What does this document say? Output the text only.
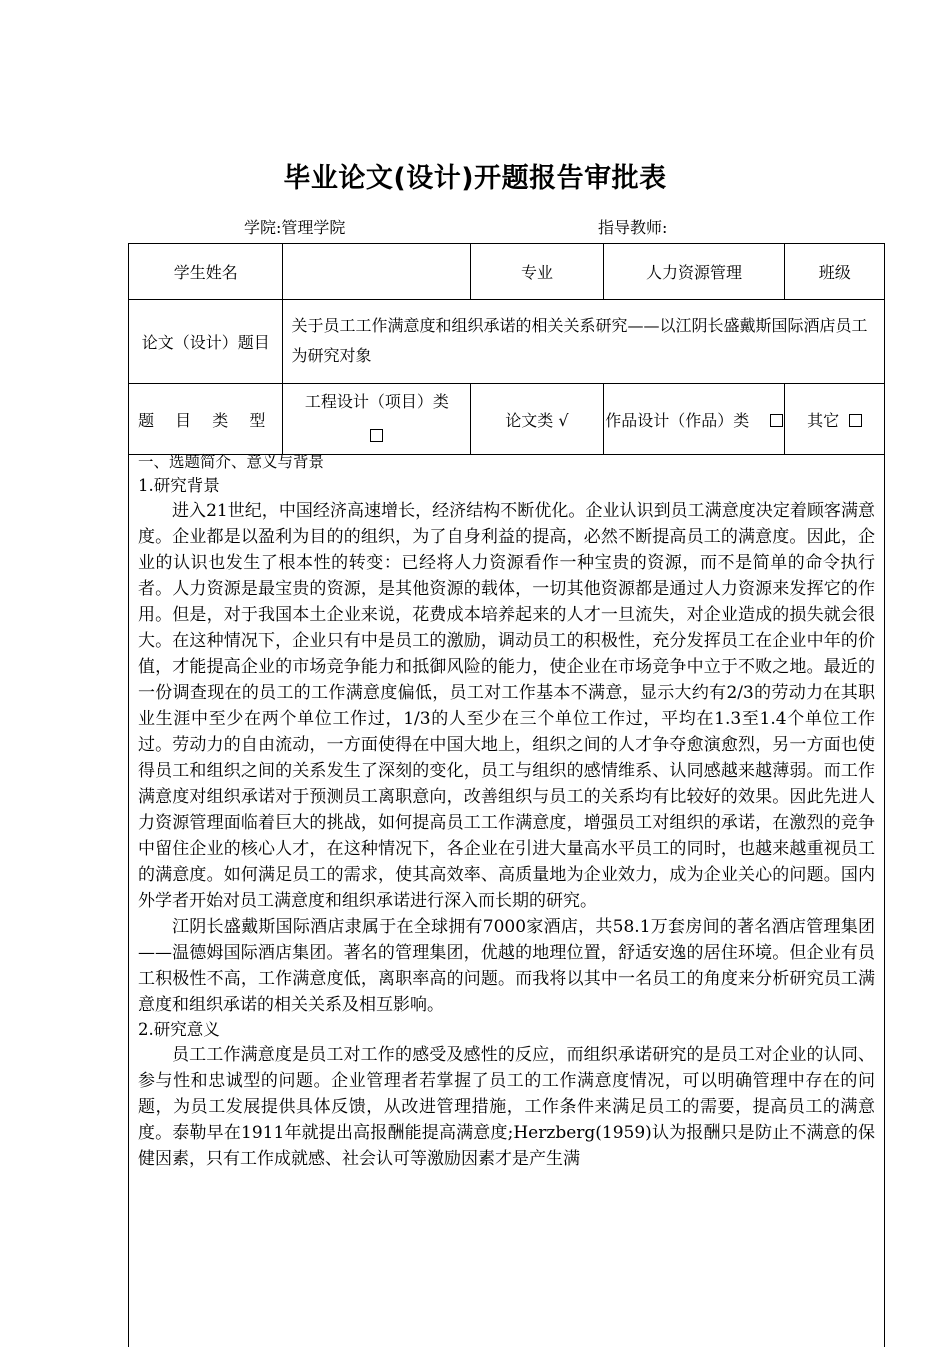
毕业论文(设计)开题报告审批表
学院:管理学院	指导教师:
学生姓名		专业	人力资源管理	班级
论文（设计）题目	关于员工工作满意度和组织承诺的相关关系研究——以江阴长盛戴斯国际酒店员工为研究对象			
题 目 类 型	工程设计（项目）类	论文类 √	作品设计（作品）类	其它
一、选题简介、意义与背景
1.研究背景

进入21世纪，中国经济高速增长，经济结构不断优化。企业认识到员工满意度决定着顾客满意度。企业都是以盈利为目的的组织，为了自身利益的提高，必然不断提高员工的满意度。因此，企业的认识也发生了根本性的转变：已经将人力资源看作一种宝贵的资源，而不是简单的命令执行者。人力资源是最宝贵的资源，是其他资源的载体，一切其他资源都是通过人力资源来发挥它的作用。但是，对于我国本土企业来说，花费成本培养起来的人才一旦流失，对企业造成的损失就会很大。在这种情况下，企业只有中是员工的激励，调动员工的积极性，充分发挥员工在企业中年的价值，才能提高企业的市场竞争能力和抵御风险的能力，使企业在市场竞争中立于不败之地。最近的一份调查现在的员工的工作满意度偏低，员工对工作基本不满意，显示大约有2/3的劳动力在其职业生涯中至少在两个单位工作过，1/3的人至少在三个单位工作过，平均在1.3至1.4个单位工作过。劳动力的自由流动，一方面使得在中国大地上，组织之间的人才争夺愈演愈烈，另一方面也使得员工和组织之间的关系发生了深刻的变化，员工与组织的感情维系、认同感越来越薄弱。而工作满意度对组织承诺对于预测员工离职意向，改善组织与员工的关系均有比较好的效果。因此先进人力资源管理面临着巨大的挑战，如何提高员工工作满意度，增强员工对组织的承诺，在激烈的竞争中留住企业的核心人才，在这种情况下，各企业在引进大量高水平员工的同时，也越来越重视员工的满意度。如何满足员工的需求，使其高效率、高质量地为企业效力，成为企业关心的问题。国内外学者开始对员工满意度和组织承诺进行深入而长期的研究。

江阴长盛戴斯国际酒店隶属于在全球拥有7000家酒店，共58.1万套房间的著名酒店管理集团——温德姆国际酒店集团。著名的管理集团，优越的地理位置，舒适安逸的居住环境。但企业有员工积极性不高，工作满意度低，离职率高的问题。而我将以其中一名员工的角度来分析研究员工满意度和组织承诺的相关关系及相互影响。

2.研究意义

员工工作满意度是员工对工作的感受及感性的反应，而组织承诺研究的是员工对企业的认同、参与性和忠诚型的问题。企业管理者若掌握了员工的工作满意度情况，可以明确管理中存在的问题，为员工发展提供具体反馈，从改进管理措施，工作条件来满足员工的需要，提高员工的满意度。泰勒早在1911年就提出高报酬能提高满意度;Herzberg(1959)认为报酬只是防止不满意的保健因素，只有工作成就感、社会认可等激励因素才是产生满
